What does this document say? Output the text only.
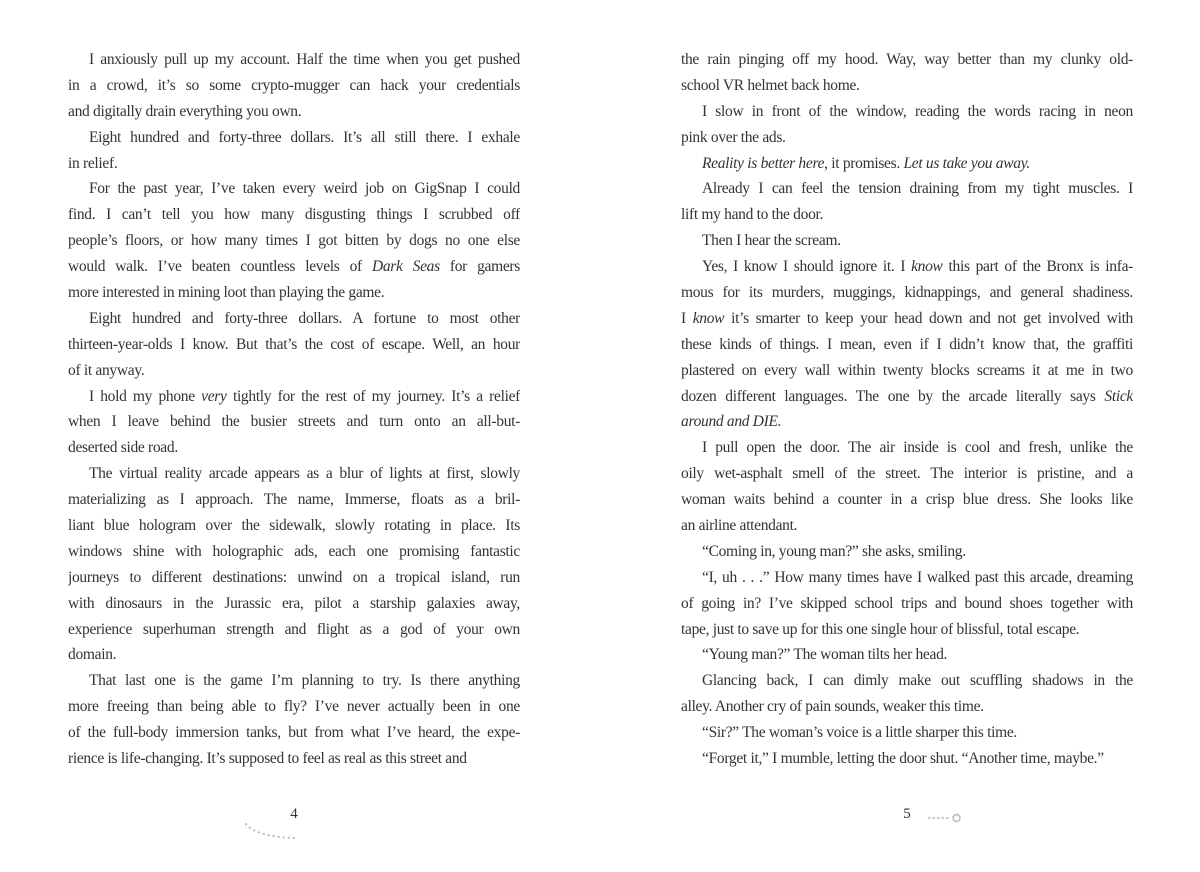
I anxiously pull up my account. Half the time when you get pushed
in a crowd, it’s so some crypto-mugger can hack your credentials
and digitally drain everything you own.
Eight hundred and forty-three dollars. It’s all still there. I exhale
in relief.
For the past year, I’ve taken every weird job on GigSnap I could
find. I can’t tell you how many disgusting things I scrubbed off
people’s floors, or how many times I got bitten by dogs no one else
would walk. I’ve beaten countless levels of Dark Seas for gamers
more interested in mining loot than playing the game.
Eight hundred and forty-three dollars. A fortune to most other
thirteen-year-olds I know. But that’s the cost of escape. Well, an hour
of it anyway.
I hold my phone very tightly for the rest of my journey. It’s a relief
when I leave behind the busier streets and turn onto an all-but-
deserted side road.
The virtual reality arcade appears as a blur of lights at first, slowly
materializing as I approach. The name, Immerse, floats as a bril-
liant blue hologram over the sidewalk, slowly rotating in place. Its
windows shine with holographic ads, each one promising fantastic
journeys to different destinations: unwind on a tropical island, run
with dinosaurs in the Jurassic era, pilot a starship galaxies away,
experience superhuman strength and flight as a god of your own
domain.
That last one is the game I’m planning to try. Is there anything
more freeing than being able to fly? I’ve never actually been in one
of the full-body immersion tanks, but from what I’ve heard, the expe-
rience is life-changing. It’s supposed to feel as real as this street and
the rain pinging off my hood. Way, way better than my clunky old-
school VR helmet back home.
I slow in front of the window, reading the words racing in neon
pink over the ads.
Reality is better here, it promises. Let us take you away.
Already I can feel the tension draining from my tight muscles. I
lift my hand to the door.
Then I hear the scream.
Yes, I know I should ignore it. I know this part of the Bronx is infa-
mous for its murders, muggings, kidnappings, and general shadiness.
I know it’s smarter to keep your head down and not get involved with
these kinds of things. I mean, even if I didn’t know that, the graffiti
plastered on every wall within twenty blocks screams it at me in two
dozen different languages. The one by the arcade literally says Stick
around and DIE.
I pull open the door. The air inside is cool and fresh, unlike the
oily wet-asphalt smell of the street. The interior is pristine, and a
woman waits behind a counter in a crisp blue dress. She looks like
an airline attendant.
“Coming in, young man?” she asks, smiling.
“I, uh . . .” How many times have I walked past this arcade, dreaming
of going in? I’ve skipped school trips and bound shoes together with
tape, just to save up for this one single hour of blissful, total escape.
“Young man?” The woman tilts her head.
Glancing back, I can dimly make out scuffling shadows in the
alley. Another cry of pain sounds, weaker this time.
“Sir?” The woman’s voice is a little sharper this time.
“Forget it,” I mumble, letting the door shut. “Another time, maybe.”
4	5
